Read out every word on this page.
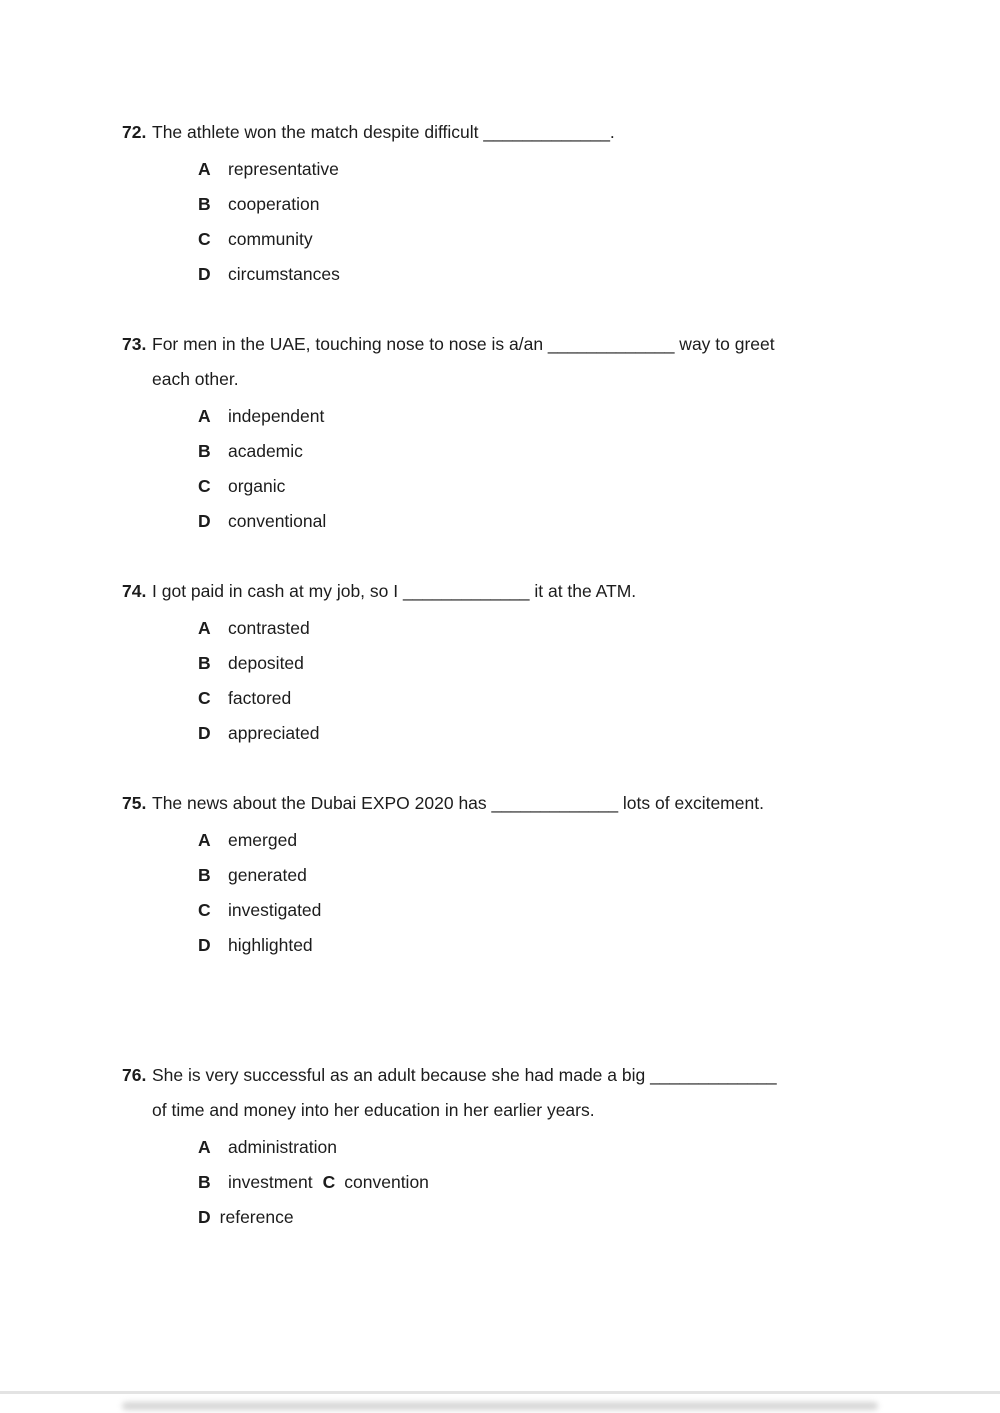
72. The athlete won the match despite difficult _____________.
A representative
B cooperation
C community
D circumstances
73. For men in the UAE, touching nose to nose is a/an _____________ way to greet
each other.
A independent
B academic
C organic
D conventional
74. I got paid in cash at my job, so I _____________ it at the ATM.
A contrasted
B deposited
C factored
D appreciated
75. The news about the Dubai EXPO 2020 has _____________ lots of excitement.
A emerged
B generated
C investigated
D highlighted
76. She is very successful as an adult because she had made a big _____________
of time and money into her education in her earlier years.
A administration
B investment C convention
D reference
